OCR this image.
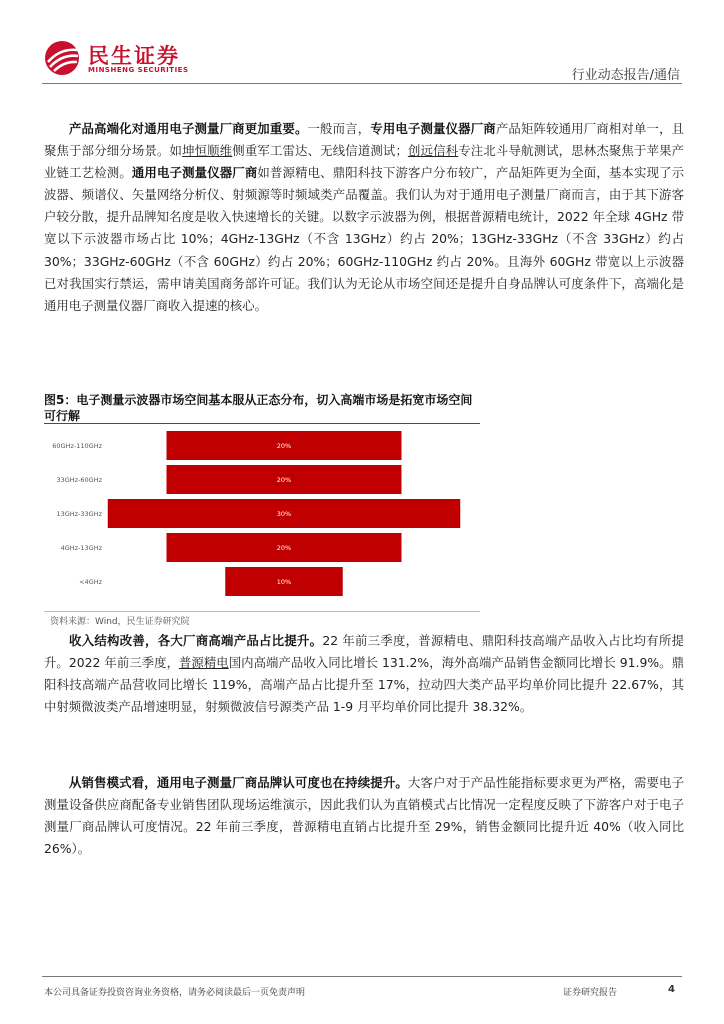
民生证券
MINSHENG SECURITIES	行业动态报告/通信
  产品高端化对通用电子测量厂商更加重要。一般而言，专用电子测量仪器厂商产品矩阵较通用厂商相对单一，且聚焦于部分细分场景。如坤恒顺维侧重军工雷达、无线信道测试；创远信科专注北斗导航测试，思林杰聚焦于苹果产业链工艺检测。通用电子测量仪器厂商如普源精电、鼎阳科技下游客户分布较广，产品矩阵更为全面，基本实现了示波器、频谱仪、矢量网络分析仪、射频源等时频域类产品覆盖。我们认为对于通用电子测量厂商而言，由于其下游客户较分散，提升品牌知名度是收入快速增长的关键。以数字示波器为例，根据普源精电统计，2022 年全球 4GHz 带宽以下示波器市场占比 10%；4GHz-13GHz（不含 13GHz）约占 20%；13GHz-33GHz（不含 33GHz）约占 30%；33GHz-60GHz（不含 60GHz）约占 20%；60GHz-110GHz 约占 20%。且海外 60GHz 带宽以上示波器已对我国实行禁运，需申请美国商务部许可证。我们认为无论从市场空间还是提升自身品牌认可度条件下，高端化是通用电子测量仪器厂商收入提速的核心。
图5：电子测量示波器市场空间基本服从正态分布，切入高端市场是拓宽市场空间可行解
60GHz-110GHz	20%
33GHz-60GHz	20%
13GHz-33GHz	30%
4GHz-13GHz	20%
<4GHz	10%
资料来源：Wind，民生证券研究院
  收入结构改善，各大厂商高端产品占比提升。22 年前三季度，普源精电、鼎阳科技高端产品收入占比均有所提升。2022 年前三季度，普源精电国内高端产品收入同比增长 131.2%，海外高端产品销售金额同比增长 91.9%。鼎阳科技高端产品营收同比增长 119%，高端产品占比提升至 17%，拉动四大类产品平均单价同比提升 22.67%，其中射频微波类产品增速明显，射频微波信号源类产品 1-9 月平均单价同比提升 38.32%。
  从销售模式看，通用电子测量厂商品牌认可度也在持续提升。大客户对于产品性能指标要求更为严格，需要电子测量设备供应商配备专业销售团队现场运维演示，因此我们认为直销模式占比情况一定程度反映了下游客户对于电子测量厂商品牌认可度情况。22 年前三季度，普源精电直销占比提升至 29%，销售金额同比提升近 40%（收入同比 26%）。
本公司具备证券投资咨询业务资格，请务必阅读最后一页免责声明	证券研究报告	4
